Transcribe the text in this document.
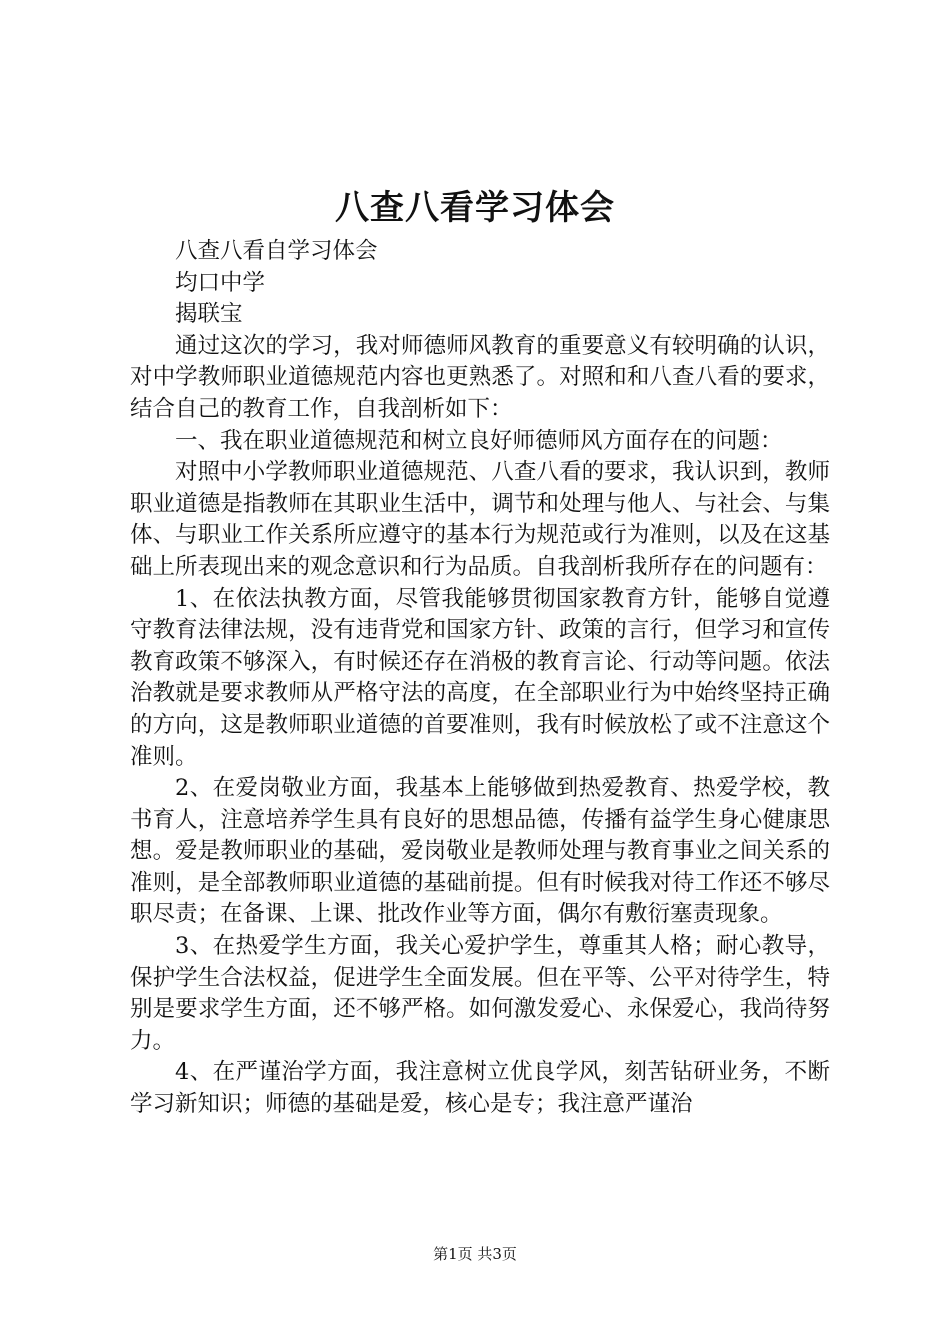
八查八看学习体会

八查八看自学习体会

均口中学

揭联宝

通过这次的学习，我对师德师风教育的重要意义有较明确的认识，对中学教师职业道德规范内容也更熟悉了。对照和和八查八看的要求，结合自己的教育工作，自我剖析如下：

一、我在职业道德规范和树立良好师德师风方面存在的问题：

对照中小学教师职业道德规范、八查八看的要求，我认识到，教师职业道德是指教师在其职业生活中，调节和处理与他人、与社会、与集体、与职业工作关系所应遵守的基本行为规范或行为准则，以及在这基础上所表现出来的观念意识和行为品质。自我剖析我所存在的问题有：

1、在依法执教方面，尽管我能够贯彻国家教育方针，能够自觉遵守教育法律法规，没有违背党和国家方针、政策的言行，但学习和宣传教育政策不够深入，有时候还存在消极的教育言论、行动等问题。依法治教就是要求教师从严格守法的高度，在全部职业行为中始终坚持正确的方向，这是教师职业道德的首要准则，我有时候放松了或不注意这个准则。

2、在爱岗敬业方面，我基本上能够做到热爱教育、热爱学校，教书育人，注意培养学生具有良好的思想品德，传播有益学生身心健康思想。爱是教师职业的基础，爱岗敬业是教师处理与教育事业之间关系的准则，是全部教师职业道德的基础前提。但有时候我对待工作还不够尽职尽责；在备课、上课、批改作业等方面，偶尔有敷衍塞责现象。

3、在热爱学生方面，我关心爱护学生，尊重其人格；耐心教导，保护学生合法权益，促进学生全面发展。但在平等、公平对待学生，特别是要求学生方面，还不够严格。如何激发爱心、永保爱心，我尚待努力。

4、在严谨治学方面，我注意树立优良学风，刻苦钻研业务，不断学习新知识；师德的基础是爱，核心是专；我注意严谨治

第1页 共3页
